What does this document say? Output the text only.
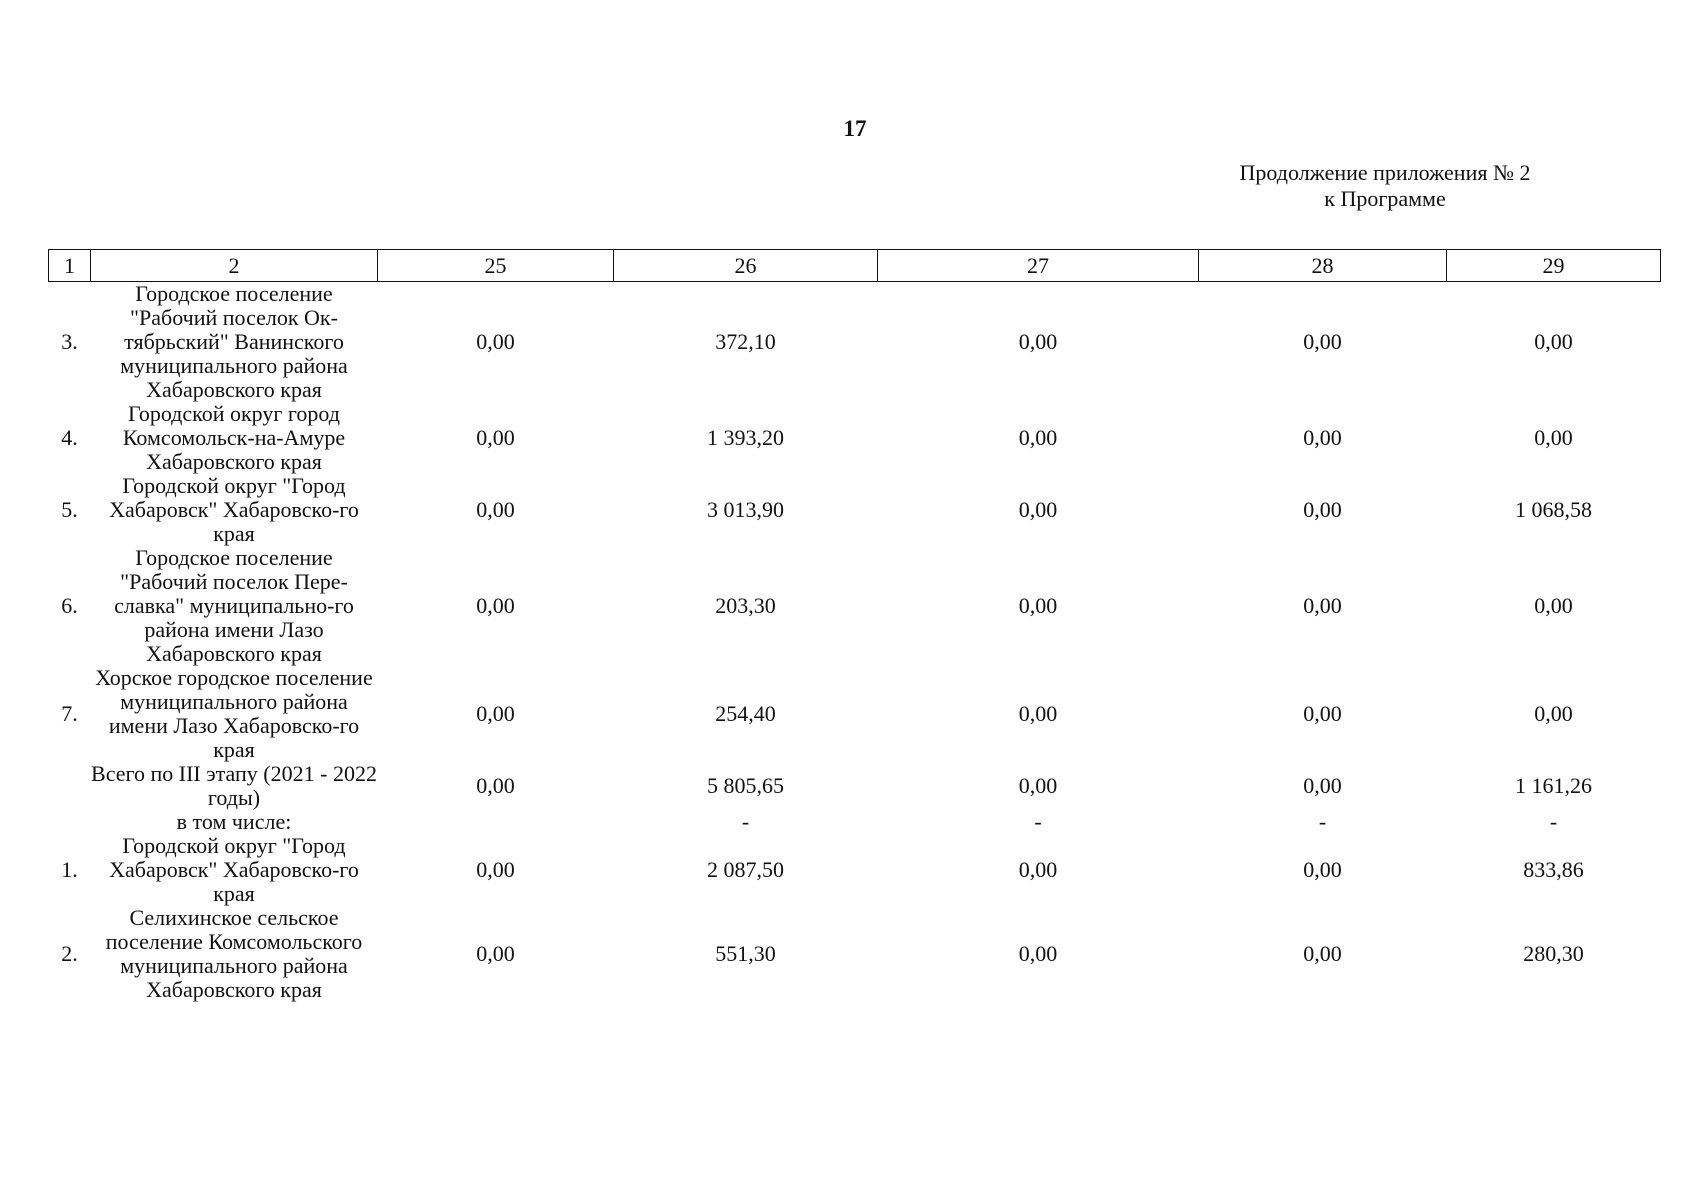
17
Продолжение приложения № 2
к Программе
1	2	25	26	27	28	29
3.	Городское поселение "Рабочий поселок Ок-тябрьский" Ванинского муниципального района Хабаровского края	0,00	372,10	0,00	0,00	0,00
4.	Городской округ город Комсомольск-на-Амуре Хабаровского края	0,00	1 393,20	0,00	0,00	0,00
5.	Городской округ "Город Хабаровск" Хабаровско-го края	0,00	3 013,90	0,00	0,00	1 068,58
6.	Городское поселение "Рабочий поселок Пере-славка" муниципально-го района имени Лазо Хабаровского края	0,00	203,30	0,00	0,00	0,00
7.	Хорское городское поселение муниципального района имени Лазо Хабаровско-го края	0,00	254,40	0,00	0,00	0,00
	Всего по III этапу (2021 - 2022 годы)	0,00	5 805,65	0,00	0,00	1 161,26
	в том числе:		-	-	-	-
1.	Городской округ "Город Хабаровск" Хабаровско-го края	0,00	2 087,50	0,00	0,00	833,86
2.	Селихинское сельское поселение Комсомольского муниципального района Хабаровского края	0,00	551,30	0,00	0,00	280,30
